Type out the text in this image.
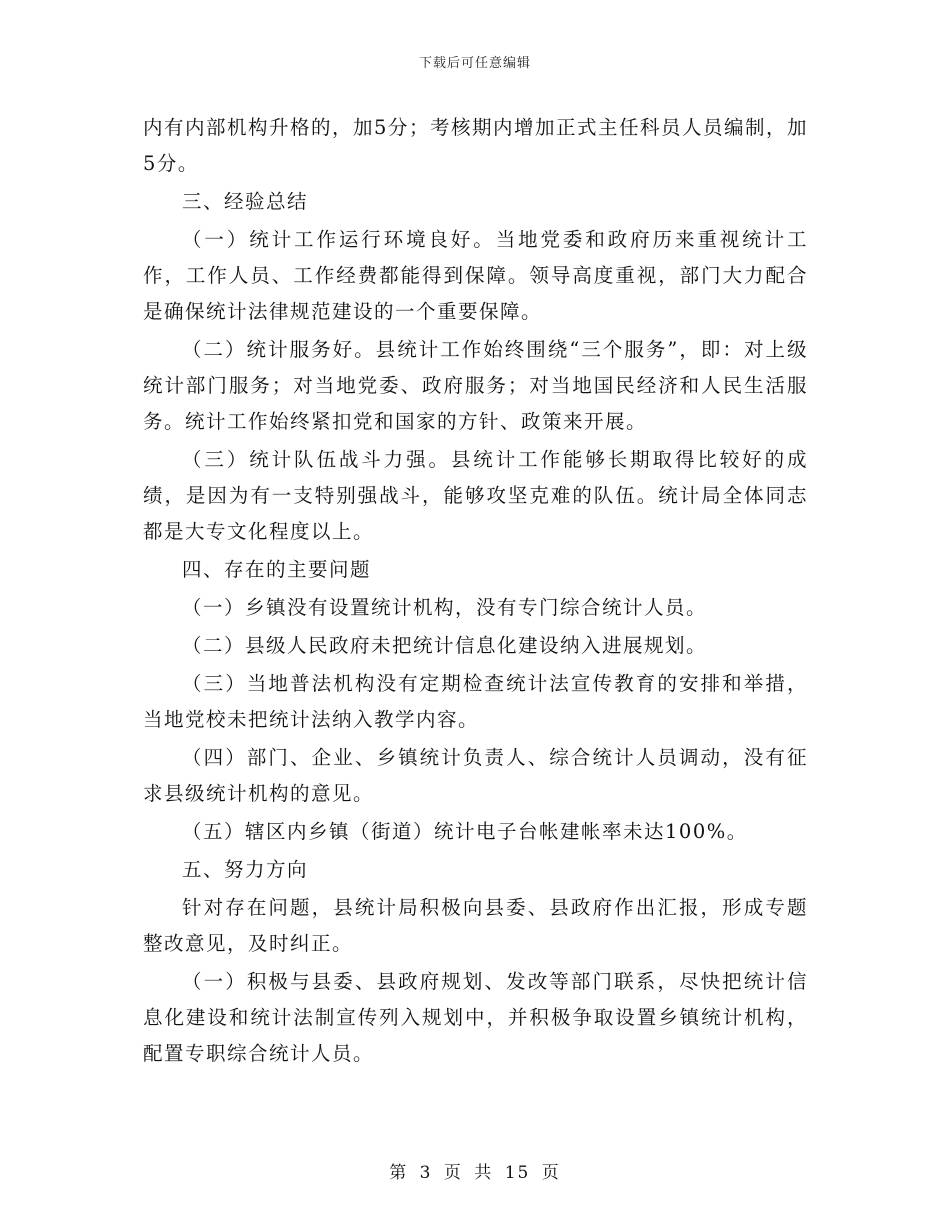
下载后可任意编辑

内有内部机构升格的，加5分；考核期内增加正式主任科员人员编制，加5分。

三、经验总结

（一）统计工作运行环境良好。当地党委和政府历来重视统计工作，工作人员、工作经费都能得到保障。领导高度重视，部门大力配合是确保统计法律规范建设的一个重要保障。

（二）统计服务好。县统计工作始终围绕“三个服务”，即：对上级统计部门服务；对当地党委、政府服务；对当地国民经济和人民生活服务。统计工作始终紧扣党和国家的方针、政策来开展。

（三）统计队伍战斗力强。县统计工作能够长期取得比较好的成绩，是因为有一支特别强战斗，能够攻坚克难的队伍。统计局全体同志都是大专文化程度以上。

四、存在的主要问题

（一）乡镇没有设置统计机构，没有专门综合统计人员。

（二）县级人民政府未把统计信息化建设纳入进展规划。

（三）当地普法机构没有定期检查统计法宣传教育的安排和举措，当地党校未把统计法纳入教学内容。

（四）部门、企业、乡镇统计负责人、综合统计人员调动，没有征求县级统计机构的意见。

（五）辖区内乡镇（街道）统计电子台帐建帐率未达100%。

五、努力方向

针对存在问题，县统计局积极向县委、县政府作出汇报，形成专题整改意见，及时纠正。

（一）积极与县委、县政府规划、发改等部门联系，尽快把统计信息化建设和统计法制宣传列入规划中，并积极争取设置乡镇统计机构，配置专职综合统计人员。

第 3 页 共 15 页
